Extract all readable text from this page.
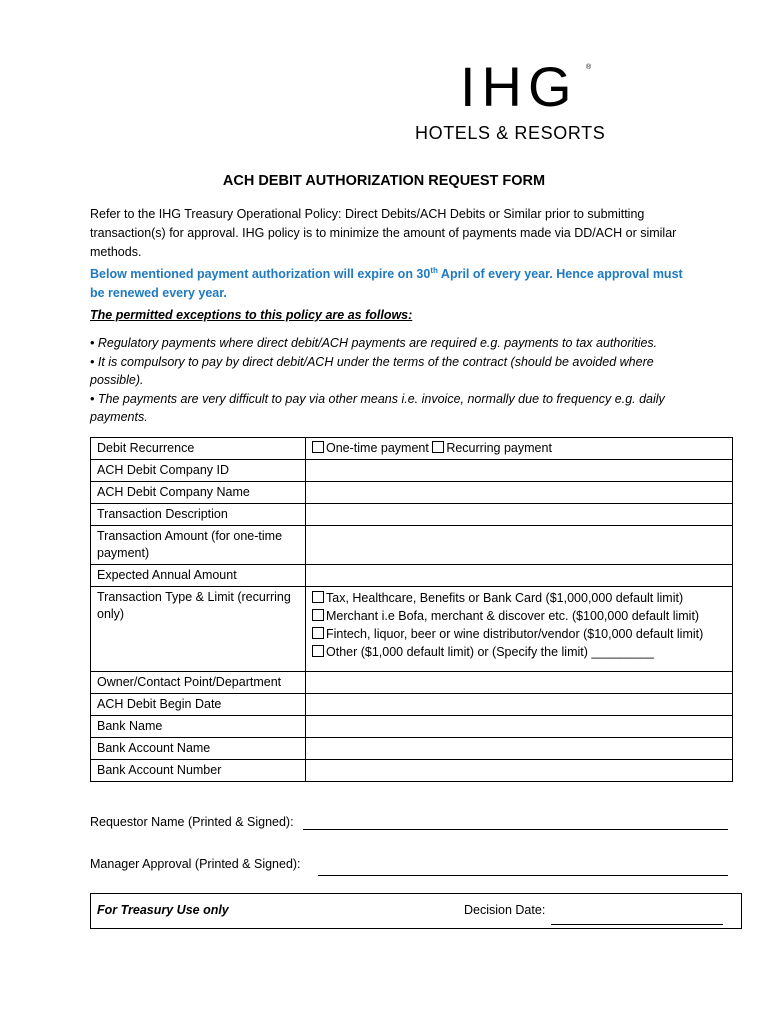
IHG ®
HOTELS & RESORTS
ACH DEBIT AUTHORIZATION REQUEST FORM
Refer to the IHG Treasury Operational Policy: Direct Debits/ACH Debits or Similar prior to submitting transaction(s) for approval. IHG policy is to minimize the amount of payments made via DD/ACH or similar methods.
Below mentioned payment authorization will expire on 30th April of every year. Hence approval must be renewed every year.
The permitted exceptions to this policy are as follows:

• Regulatory payments where direct debit/ACH payments are required e.g. payments to tax authorities.

• It is compulsory to pay by direct debit/ACH under the terms of the contract (should be avoided where possible).

• The payments are very difficult to pay via other means i.e. invoice, normally due to frequency e.g. daily payments.

Debit Recurrence	One-time payment Recurring payment
ACH Debit Company ID	
ACH Debit Company Name	
Transaction Description	
Transaction Amount (for one-time payment)	
Expected Annual Amount	
Transaction Type & Limit (recurring only)	Tax, Healthcare, Benefits or Bank Card ($1,000,000 default limit)
Merchant i.e Bofa, merchant & discover etc. ($100,000 default limit)
Fintech, liquor, beer or wine distributor/vendor ($10,000 default limit)
Other ($1,000 default limit) or (Specify the limit) _________

Owner/Contact Point/Department	
ACH Debit Begin Date	
Bank Name	
Bank Account Name	
Bank Account Number	
Requestor Name (Printed & Signed):
Manager Approval (Printed & Signed):
For Treasury Use only	Decision Date:
